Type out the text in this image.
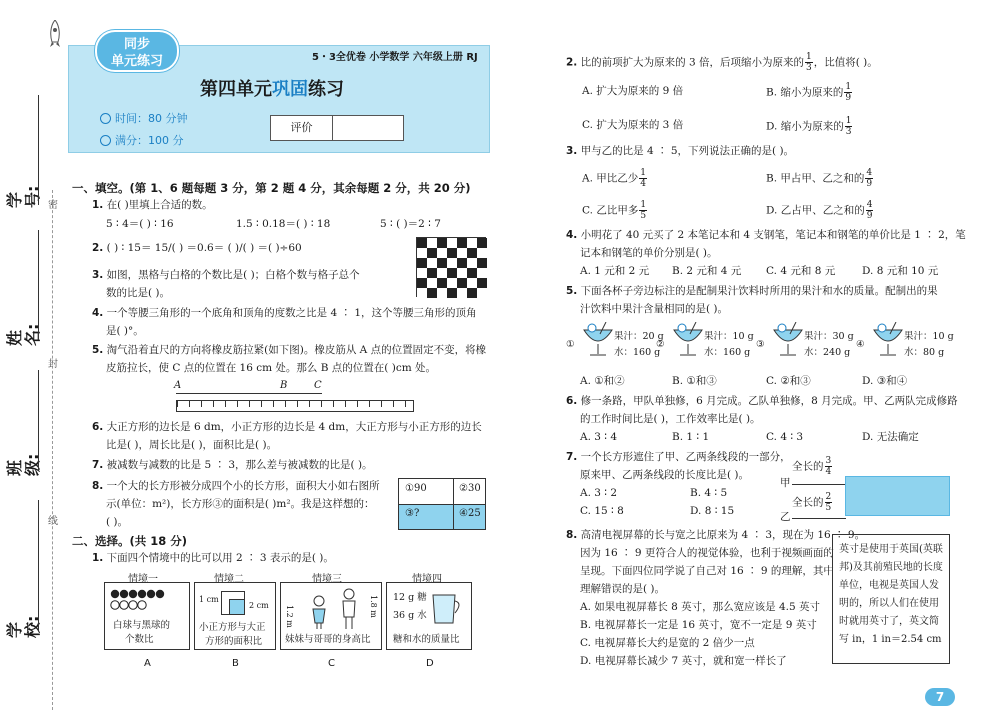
密
封
线
学号:
姓名:
班级:
学校:
同步
单元练习	5・3全优卷 小学数学 六年级上册 RJ
第四单元巩固练习
时间：80 分钟
满分：100 分
评价
一、填空。(第 1、6 题每题 3 分，第 2 题 4 分，其余每题 2 分，共 20 分)
1. 在( )里填上合适的数。
5 ∶ 4＝( ) ∶ 16	1.5 ∶ 0.18＝( ) ∶ 18	5 ∶ ( )＝2 ∶ 7
2. ( ) ∶ 15＝ 15/( ) ＝0.6＝ ( )/( ) ＝( )÷60
3. 如图，黑格与白格的个数比是( )；白格个数与格子总个
数的比是( )。
4. 一个等腰三角形的一个底角和顶角的度数之比是 4 ∶ 1，这个等腰三角形的顶角
是( )°。
5. 淘气沿着直尺的方向将橡皮筋拉紧(如下图)。橡皮筋从 A 点的位置固定不变，将橡
皮筋拉长，使 C 点的位置在 16 cm 处。那么 B 点的位置在( )cm 处。
A	B	C
6. 大正方形的边长是 6 dm，小正方形的边长是 4 dm，大正方形与小正方形的边长
比是( )，周长比是( )，面积比是( )。
7. 被减数与减数的比是 5 ∶ 3，那么差与被减数的比是( )。
8. 一个大的长方形被分成四个小的长方形，面积大小如右图所
示(单位：m²)，长方形③的面积是( )m²。我是这样想的：
( )。
①90	②30
③?	④25
二、选择。(共 18 分)
1. 下面四个情境中的比可以用 2 ∶ 3 表示的是( )。
情境一	情境二	情境三	情境四
白球与黑球的
个数比
1 cm
2 cm
小正方形与大正
方形的面积比
1.2 m	1.8 m
妹妹与哥哥的身高比
12 g 糖
36 g 水
糖和水的质量比
A	B	C	D
2. 比的前项扩大为原来的 3 倍，后项缩小为原来的 $\frac{1}{3}$ ，比值将( )。
A. 扩大为原来的 9 倍	B. 缩小为原来的 $\frac{1}{9}$
C. 扩大为原来的 3 倍	D. 缩小为原来的 $\frac{1}{3}$
3. 甲与乙的比是 4 ∶ 5，下列说法正确的是( )。
A. 甲比乙少 $\frac{1}{4}$	B. 甲占甲、乙之和的 $\frac{4}{9}$
C. 乙比甲多 $\frac{1}{5}$	D. 乙占甲、乙之和的 $\frac{4}{9}$
4. 小明花了 40 元买了 2 本笔记本和 4 支钢笔，笔记本和钢笔的单价比是 1 ∶ 2，笔
记本和钢笔的单价分别是( )。
A. 1 元和 2 元 B. 2 元和 4 元 C. 4 元和 8 元	D. 8 元和 10 元
5. 下面各杯子旁边标注的是配制果汁饮料时所用的果汁和水的质量。配制出的果
汁饮料中果汁含量相同的是( )。
①
果汁：20 g
水：160 g
②
果汁：10 g
水：160 g
③
果汁：30 g
水：240 g
④
果汁：10 g
水：80 g
A. ①和②	B. ①和③	C. ②和③	D. ③和④
6. 修一条路，甲队单独修，6 月完成。乙队单独修，8 月完成。甲、乙两队完成修路
的工作时间比是( )，工作效率比是( )。
A. 3 ∶ 4	B. 1 ∶ 1	C. 4 ∶ 3	D. 无法确定
7. 一个长方形遮住了甲、乙两条线段的一部分，
原来甲、乙两条线段的长度比是( )。
A. 3 ∶ 2	B. 4 ∶ 5
C. 15 ∶ 8	D. 8 ∶ 15
全长的 $\frac{3}{4}$
甲
全长的 $\frac{2}{5}$
乙
8. 高清电视屏幕的长与宽之比原来为 4 ∶ 3，现在为 16 ∶ 9。
因为 16 ∶ 9 更符合人的视觉体验，也利于视频画面的
呈现。下面四位同学说了自己对 16 ∶ 9 的理解，其中
理解错误的是( )。
A. 如果电视屏幕长 8 英寸，那么宽应该是 4.5 英寸
B. 电视屏幕长一定是 16 英寸，宽不一定是 9 英寸
C. 电视屏幕长大约是宽的 2 倍少一点
D. 电视屏幕长减少 7 英寸，就和宽一样长了
英寸是使用于英国(英联邦)及其前殖民地的长度单位，电视是英国人发明的，所以人们在使用时就用英寸了，英文简写 in，1 in＝2.54 cm
7
